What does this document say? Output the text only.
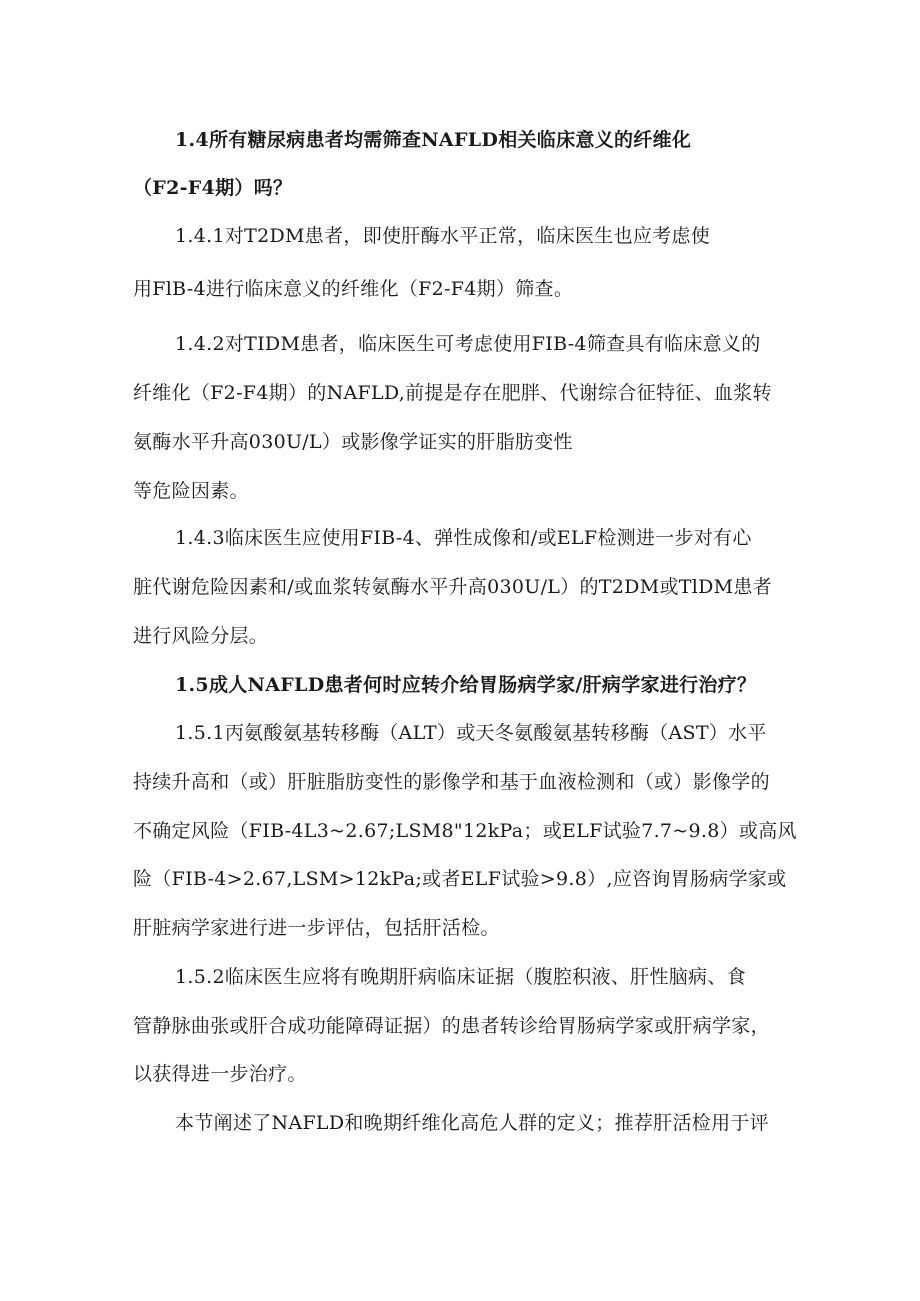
1.4所有糖尿病患者均需筛查NAFLD相关临床意义的纤维化
（F2-F4期）吗？
1.4.1对T2DM患者，即使肝酶水平正常，临床医生也应考虑使
用FlB-4进行临床意义的纤维化（F2-F4期）筛查。
1.4.2对TIDM患者，临床医生可考虑使用FIB-4筛查具有临床意义的
纤维化（F2-F4期）的NAFLD,前提是存在肥胖、代谢综合征特征、血浆转
氨酶水平升高030U/L）或影像学证实的肝脂肪变性
等危险因素。
1.4.3临床医生应使用FIB-4、弹性成像和/或ELF检测进一步对有心
脏代谢危险因素和/或血浆转氨酶水平升高030U/L）的T2DM或TlDM患者
进行风险分层。
1.5成人NAFLD患者何时应转介给胃肠病学家/肝病学家进行治疗？
1.5.1丙氨酸氨基转移酶（ALT）或天冬氨酸氨基转移酶（AST）水平
持续升高和（或）肝脏脂肪变性的影像学和基于血液检测和（或）影像学的
不确定风险（FIB-4L3~2.67;LSM8"12kPa；或ELF试验7.7~9.8）或高风
险（FIB-4>2.67,LSM>12kPa;或者ELF试验>9.8）,应咨询胃肠病学家或
肝脏病学家进行进一步评估，包括肝活检。
1.5.2临床医生应将有晚期肝病临床证据（腹腔积液、肝性脑病、食
管静脉曲张或肝合成功能障碍证据）的患者转诊给胃肠病学家或肝病学家，
以获得进一步治疗。
本节阐述了NAFLD和晚期纤维化高危人群的定义；推荐肝活检用于评
